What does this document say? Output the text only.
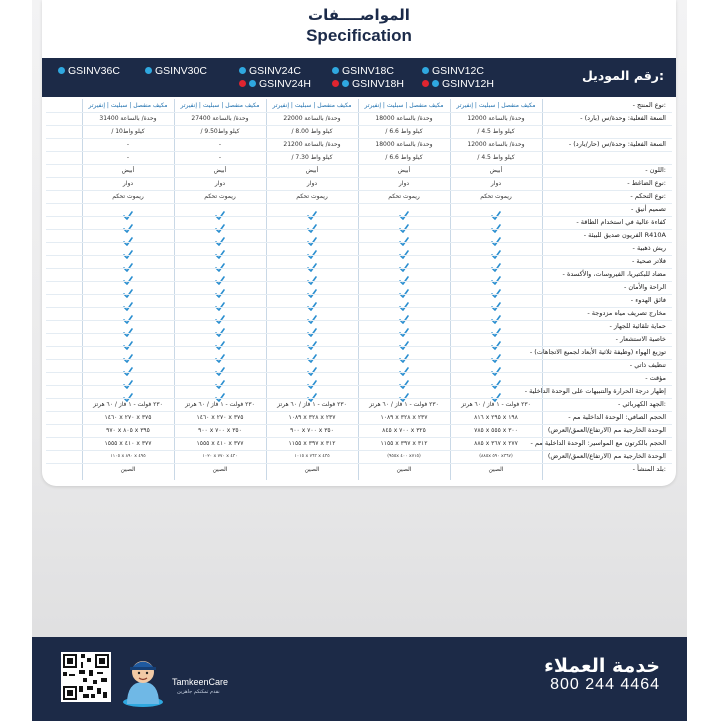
المواصــــفات
Specification
رقم الموديل:
GSINV12C
GSINV12H
GSINV18C
GSINV18H
GSINV24C
GSINV24H
GSINV30C
GSINV36C
- نوع المنتج:
مكيف منفصل | سبليت | إنفيرتر
مكيف منفصل | سبليت | إنفيرتر
مكيف منفصل | سبليت | إنفيرتر
مكيف منفصل | سبليت | إنفيرتر
مكيف منفصل | سبليت | إنفيرتر
- السعة الفعلية: وحدة/س (بارد)
12000 وحدة/ بالساعة
18000 وحدة/ بالساعة
22000 وحدة/ بالساعة
27400 وحدة/ بالساعة
31400 وحدة/ بالساعة
/ 4.5 كيلو واط
/ 6.6 كيلو واط
/ 8.00 كيلو واط
/ 9.50كيلو واط
/ 10كيلو واط
- السعة الفعلية: وحدة/س (حار/بارد)
12000 وحدة/ بالساعة
18000 وحدة/ بالساعة
21200 وحدة/ بالساعة
-
-
/ 4.5 كيلو واط
/ 6.6 كيلو واط
/ 7.30 كيلو واط
-
-
- اللون:
أبيض
أبيض
أبيض
أبيض
أبيض
- نوع الضاغط:
دوار
دوار
دوار
دوار
دوار
- نوع التحكم:
ريموت تحكم
ريموت تحكم
ريموت تحكم
ريموت تحكم
ريموت تحكم
- تصميم أنيق
- كفاءة عالية في استخدام الطاقة
- الفريون صديق للبيئة R410A
- ريش ذهبية
- فلاتر صحية
- مضاد للبكتيريا، الفيروسات، والأكسدة
- الراحة والأمان
- فائق الهدوء
- مخارج تصريف مياه مزدوجة
- حماية تلقائية للجهاز
- خاصية الاستشعار
- توزيع الهواء (وظيفة ثلاثية الأبعاد لجميع الاتجاهات)
- تنظيف ذاتي
- مؤقت
- إظهار درجة الحرارة والتنبيهات على الوحدة الداخلية
- الجهد الكهربائي:
٢٣٠ فولت - ١ فاز / ٦٠ هرتز
٢٣٠ فولت - ١ فاز / ٦٠ هرتز
٢٣٠ فولت - ١ فاز / ٦٠ هرتز
٢٣٠ فولت - ١ فاز / ٦٠ هرتز
٢٣٠ فولت - ١ فاز / ٦٠ هرتز
- الحجم الصافي: الوحدة الداخلية مم
٨١٦ x ٢٩٥ x ١٩٨
١٠٨٩ x ٣٢٨ x ٢٣٧
١٠٨٩ x ٣٢٨ x ٢٣٧
١٤٦٠ x ٢٧٠ x ٣٧٥
١٤٦٠ x ٢٧٠ x ٣٧٥
(الارتفاع/العمق/العرض) الوحدة الخارجية مم
٧٨٥ x ٥٥٥ x ٣٠٠
٨٤٥ x ٧٠٠ x ٣٢٥
٩٠٠ x ٧٠٠ x ٣٥٠
٩٠٠ x ٧٠٠ x ٣٥٠
٩٧٠ x ٨٠٥ x ٣٩٥
- الحجم بالكرتون مع المواسير: الوحدة الداخلية مم
٨٨٥ x ٣٦٧ x ٢٧٧
١١٥٥ x ٣٩٧ x ٣١٢
١١٥٥ x ٣٩٧ x ٣١٢
١٥٥٥ x ٤١٠ x ٣٧٧
١٥٥٥ x ٤١٠ x ٣٧٧
(الارتفاع/العمق/العرض) الوحدة الخارجية مم
(٨٨٥x ٥٩٠ x٣٦٧)
(٩٥٥x ٤٠٠ x٧١٥)
١٠١٥ x ٧٦٣ x ٤٣٥
١٠٢٠ x ٧٧٠ x ٤٣٠
١١٠٥ x ٨٩٠ x ٤٩٥
- بلد المنشأ:
الصين
الصين
الصين
الصين
الصين
TamkeenCare
نقدم تمكنكم جاهزين
خدمة العملاء
800 244 4464
